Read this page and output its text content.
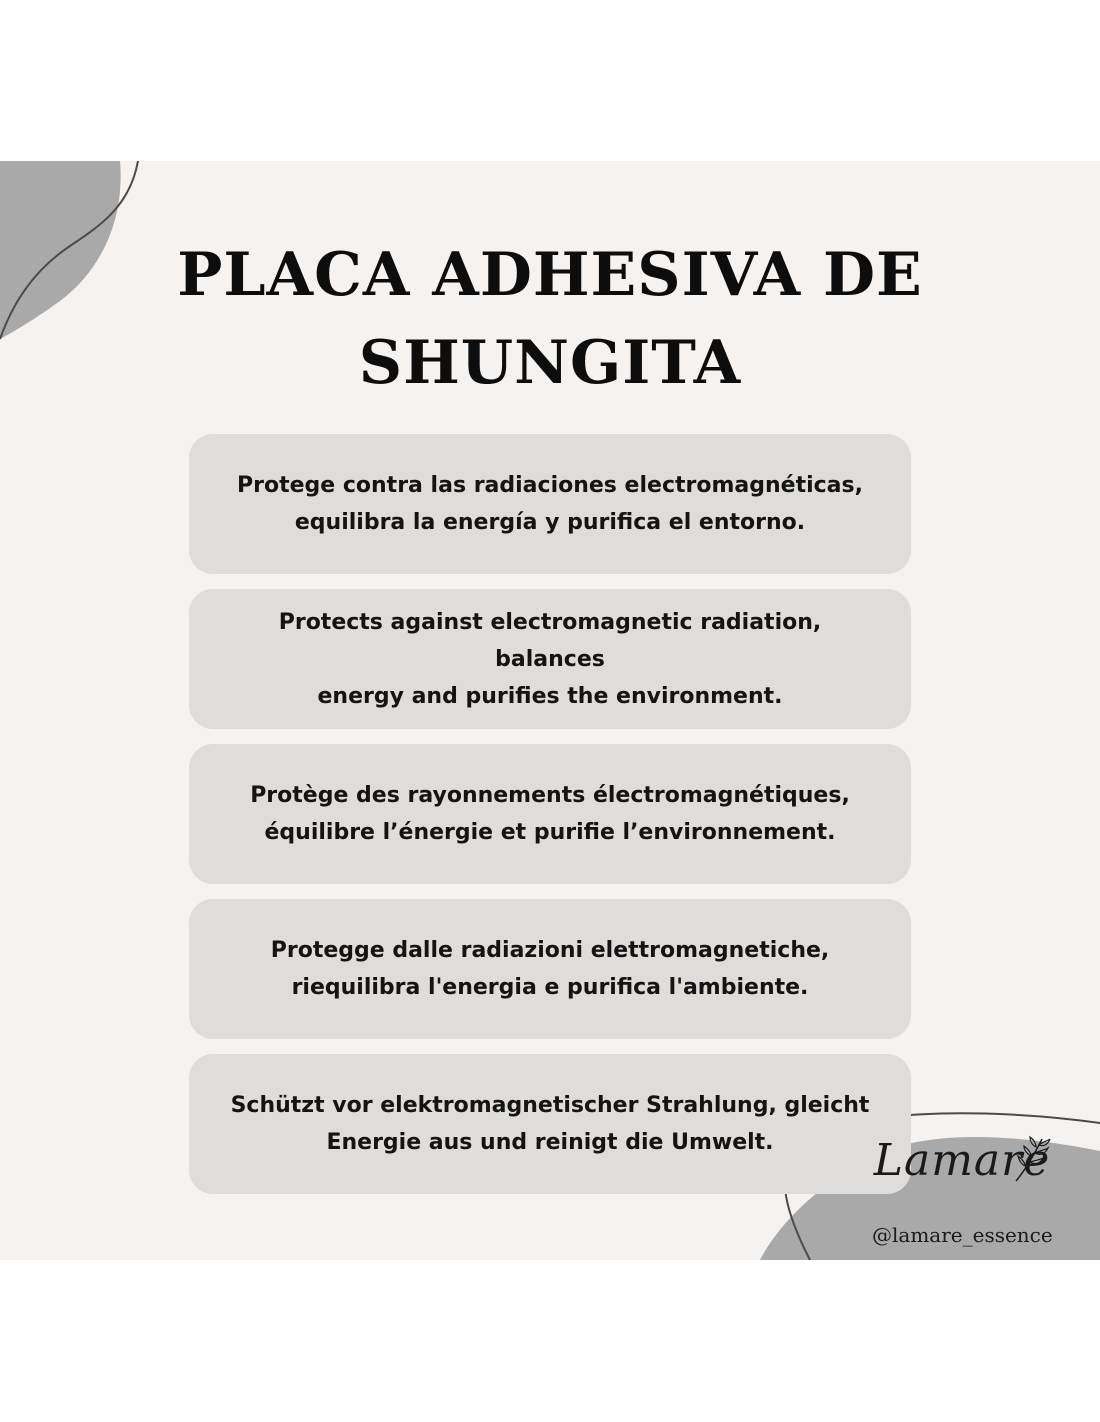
PLACA ADHESIVA DE
SHUNGITA

Protege contra las radiaciones electromagnéticas,
equilibra la energía y purifica el entorno.

Protects against electromagnetic radiation, balances
energy and purifies the environment.

Protège des rayonnements électromagnétiques,
équilibre l’énergie et purifie l’environnement.

Protegge dalle radiazioni elettromagnetiche,
riequilibra l'energia e purifica l'ambiente.

Schützt vor elektromagnetischer Strahlung, gleicht
Energie aus und reinigt die Umwelt.	Lamare
@lamare_essence
